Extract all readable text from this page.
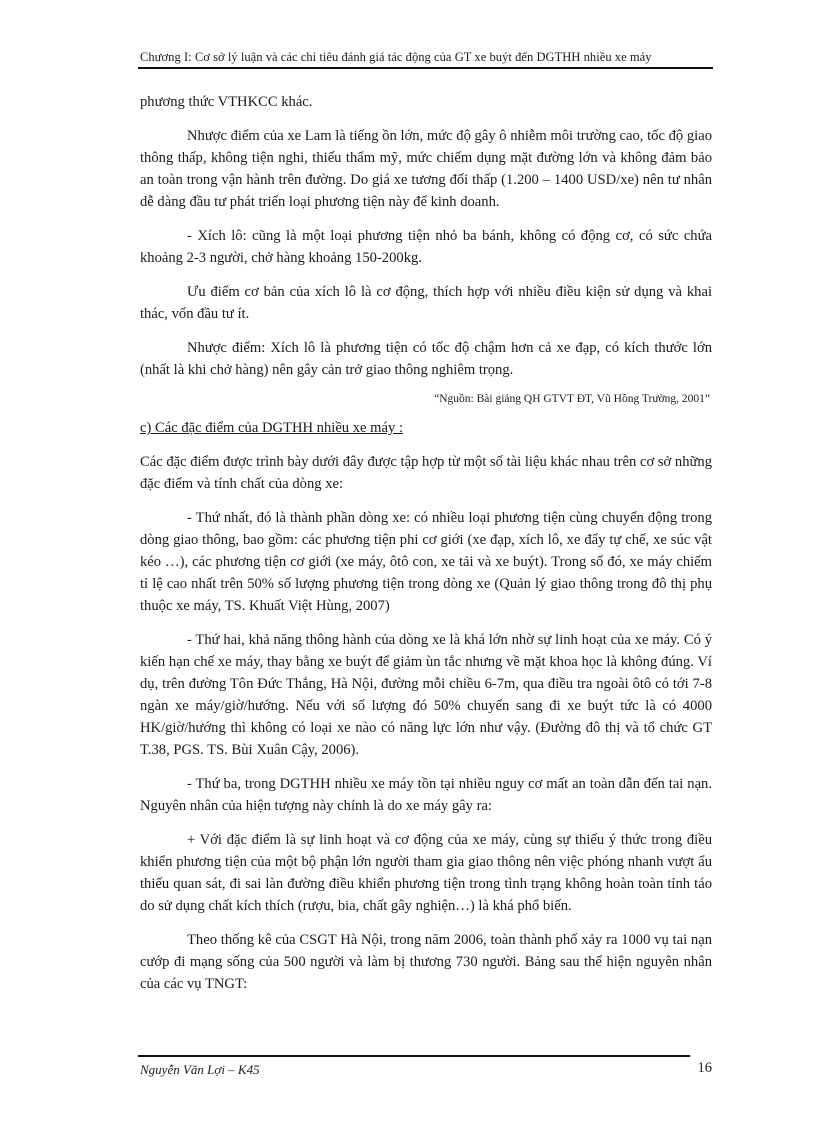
Chương I: Cơ sở lý luận và các chỉ tiêu đánh giá tác động của GT xe buýt đến DGTHH nhiều xe máy

phương thức VTHKCC khác.

Nhược điểm của xe Lam là tiếng ồn lớn, mức độ gây ô nhiễm môi trường cao, tốc độ giao thông thấp, không tiện nghi, thiếu thẩm mỹ, mức chiếm dụng mặt đường lớn và không đảm bảo an toàn trong vận hành trên đường. Do giá xe tương đối thấp (1.200 – 1400 USD/xe) nên tư nhân dễ dàng đầu tư phát triển loại phương tiện này để kinh doanh.

- Xích lô: cũng là một loại phương tiện nhỏ ba bánh, không có động cơ, có sức chứa khoảng 2-3 người, chở hàng khoảng 150-200kg.

Ưu điểm cơ bản của xích lô là cơ động, thích hợp với nhiều điều kiện sử dụng và khai thác, vốn đầu tư ít.

Nhược điểm: Xích lô là phương tiện có tốc độ chậm hơn cả xe đạp, có kích thước lớn (nhất là khi chở hàng) nên gây cản trở giao thông nghiêm trọng.

“Nguồn: Bài giảng QH GTVT ĐT, Vũ Hồng Trường, 2001”

c) Các đặc điểm của DGTHH nhiều xe máy :

Các đặc điểm được trình bày dưới đây được tập hợp từ một số tài liệu khác nhau trên cơ sở những đặc điểm và tính chất của dòng xe:

- Thứ nhất, đó là thành phần dòng xe: có nhiều loại phương tiện cùng chuyển động trong dòng giao thông, bao gồm: các phương tiện phi cơ giới (xe đạp, xích lô, xe đẩy tự chế, xe súc vật kéo …), các phương tiện cơ giới (xe máy, ôtô con, xe tải và xe buýt). Trong số đó, xe máy chiếm tỉ lệ cao nhất trên 50% số lượng phương tiện trong dòng xe (Quản lý giao thông trong đô thị phụ thuộc xe máy, TS. Khuất Việt Hùng, 2007)

- Thứ hai, khả năng thông hành của dòng xe là khá lớn nhờ sự linh hoạt của xe máy. Có ý kiến hạn chế xe máy, thay bằng xe buýt để giảm ùn tắc nhưng về mặt khoa học là không đúng. Ví dụ, trên đường Tôn Đức Thắng, Hà Nội, đường mỗi chiều 6-7m, qua điều tra ngoài ôtô có tới 7-8 ngàn xe máy/giờ/hướng. Nếu với số lượng đó 50% chuyển sang đi xe buýt tức là có 4000 HK/giờ/hướng thì không có loại xe nào có năng lực lớn như vậy. (Đường đô thị và tổ chức GT T.38, PGS. TS. Bùi Xuân Cậy, 2006).

- Thứ ba, trong DGTHH nhiều xe máy tồn tại nhiều nguy cơ mất an toàn dẫn đến tai nạn. Nguyên nhân của hiện tượng này chính là do xe máy gây ra:

+ Với đặc điểm là sự linh hoạt và cơ động của xe máy, cùng sự thiếu ý thức trong điều khiển phương tiện của một bộ phận lớn người tham gia giao thông nên việc phóng nhanh vượt ẩu thiếu quan sát, đi sai làn đường điều khiển phương tiện trong tình trạng không hoàn toàn tỉnh táo do sử dụng chất kích thích (rượu, bia, chất gây nghiện…) là khá phổ biến.

Theo thống kê của CSGT Hà Nội, trong năm 2006, toàn thành phố xảy ra 1000 vụ tai nạn cướp đi mạng sống của 500 người và làm bị thương 730 người. Bảng sau thể hiện nguyên nhân của các vụ TNGT:

Nguyễn Văn Lợi – K45	16
